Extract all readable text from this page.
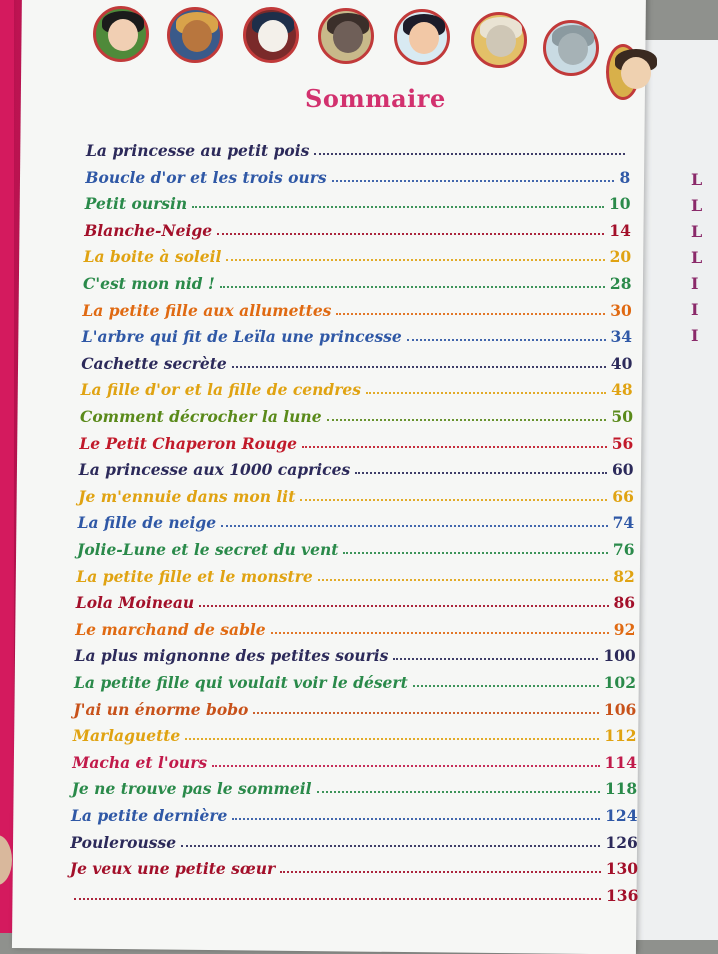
L
L
L
L
I
I
I
Sommaire
La princesse au petit pois
Boucle d'or et les trois ours	8
Petit oursin	10
Blanche-Neige	14
La boite à soleil	20
C'est mon nid !	28
La petite fille aux allumettes	30
L'arbre qui fit de Leïla une princesse	34
Cachette secrète	40
La fille d'or et la fille de cendres	48
Comment décrocher la lune	50
Le Petit Chaperon Rouge	56
La princesse aux 1000 caprices	60
Je m'ennuie dans mon lit	66
La fille de neige	74
Jolie-Lune et le secret du vent	76
La petite fille et le monstre	82
Lola Moineau	86
Le marchand de sable	92
La plus mignonne des petites souris	100
La petite fille qui voulait voir le désert	102
J'ai un énorme bobo	106
Marlaguette	112
Macha et l'ours	114
Je ne trouve pas le sommeil	118
La petite dernière	124
Poulerousse	126
Je veux une petite sœur	130
136
